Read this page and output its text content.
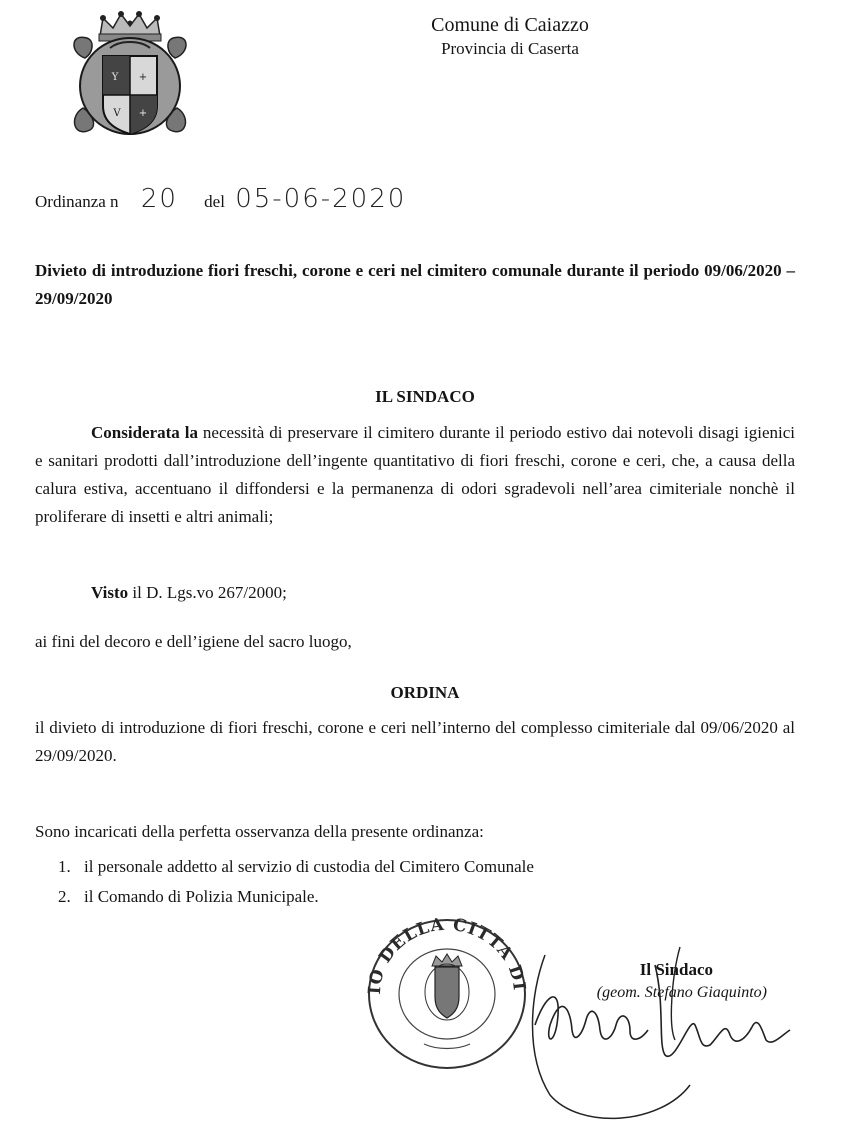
Y +
V +
Comune di Caiazzo
Provincia di Caserta
Ordinanza n 20 del 05-06-2020

Divieto di introduzione fiori freschi, corone e ceri nel cimitero comunale durante il periodo 09/06/2020 – 29/09/2020

IL SINDACO

Considerata la necessità di preservare il cimitero durante il periodo estivo dai notevoli disagi igienici e sanitari prodotti dall’introduzione dell’ingente quantitativo di fiori freschi, corone e ceri, che, a causa della calura estiva, accentuano il diffondersi e la permanenza di odori sgradevoli nell’area cimiteriale nonchè il proliferare di insetti e altri animali;

Visto il D. Lgs.vo 267/2000;

ai fini del decoro e dell’igiene del sacro luogo,

ORDINA

il divieto di introduzione di fiori freschi, corone e ceri nell’interno del complesso cimiteriale dal 09/06/2020 al 29/09/2020.

Sono incaricati della perfetta osservanza della presente ordinanza:

1. il personale addetto al servizio di custodia del Cimitero Comunale
2. il Comando di Polizia Municipale.
MUNICIPIO DELLA CITTA DI CAIAZZO
Il Sindaco
(geom. Stefano Giaquinto)
